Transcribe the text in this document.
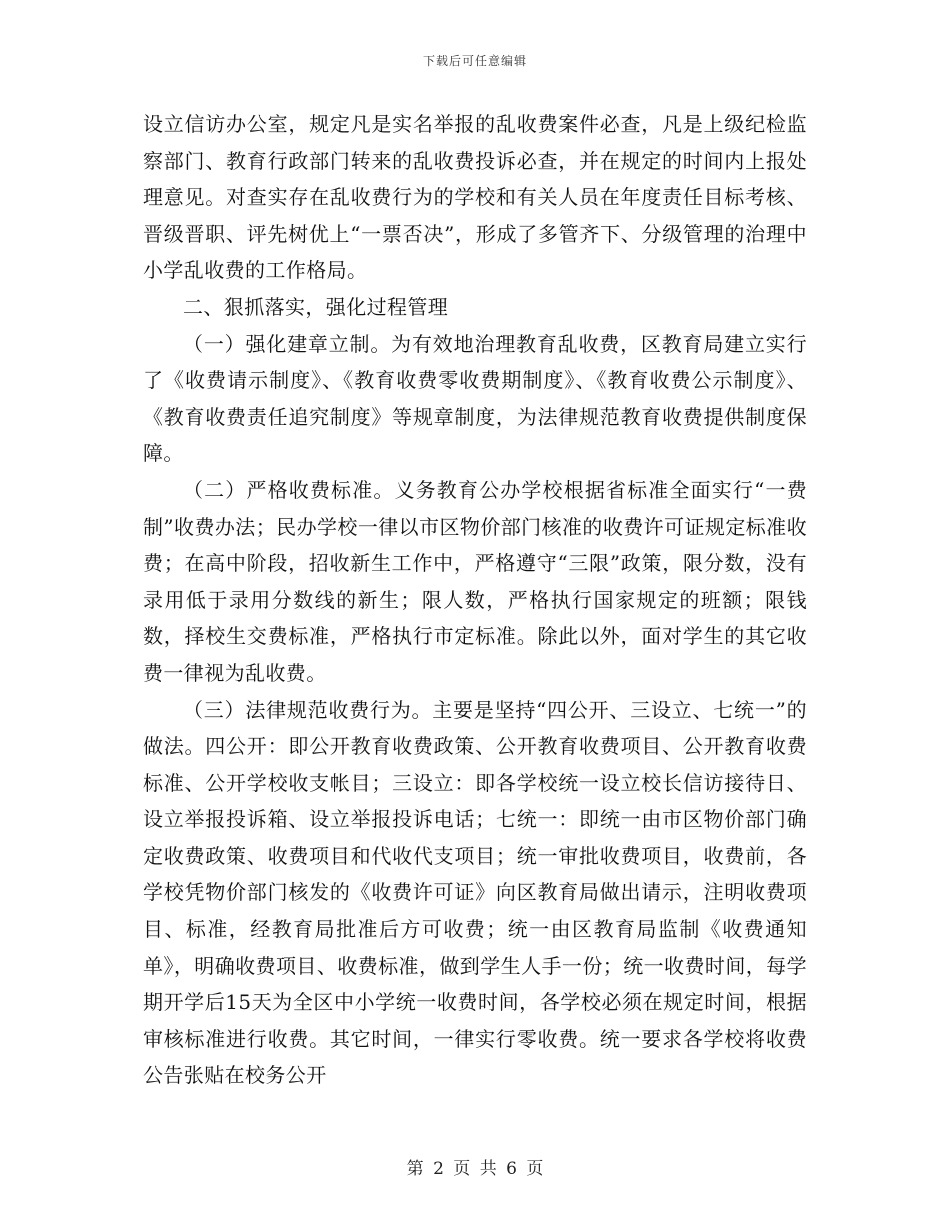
下载后可任意编辑

设立信访办公室，规定凡是实名举报的乱收费案件必查，凡是上级纪检监察部门、教育行政部门转来的乱收费投诉必查，并在规定的时间内上报处理意见。对查实存在乱收费行为的学校和有关人员在年度责任目标考核、晋级晋职、评先树优上“一票否决”，形成了多管齐下、分级管理的治理中小学乱收费的工作格局。

二、狠抓落实，强化过程管理

（一）强化建章立制。为有效地治理教育乱收费，区教育局建立实行了《收费请示制度》、《教育收费零收费期制度》、《教育收费公示制度》、《教育收费责任追究制度》等规章制度，为法律规范教育收费提供制度保障。

（二）严格收费标准。义务教育公办学校根据省标准全面实行“一费制”收费办法；民办学校一律以市区物价部门核准的收费许可证规定标准收费；在高中阶段，招收新生工作中，严格遵守“三限”政策，限分数，没有录用低于录用分数线的新生；限人数，严格执行国家规定的班额；限钱数，择校生交费标准，严格执行市定标准。除此以外，面对学生的其它收费一律视为乱收费。

（三）法律规范收费行为。主要是坚持“四公开、三设立、七统一”的做法。四公开：即公开教育收费政策、公开教育收费项目、公开教育收费标准、公开学校收支帐目；三设立：即各学校统一设立校长信访接待日、设立举报投诉箱、设立举报投诉电话；七统一：即统一由市区物价部门确定收费政策、收费项目和代收代支项目；统一审批收费项目，收费前，各学校凭物价部门核发的《收费许可证》向区教育局做出请示，注明收费项目、标准，经教育局批准后方可收费；统一由区教育局监制《收费通知单》，明确收费项目、收费标准，做到学生人手一份；统一收费时间，每学期开学后15天为全区中小学统一收费时间，各学校必须在规定时间，根据审核标准进行收费。其它时间，一律实行零收费。统一要求各学校将收费公告张贴在校务公开

第 2 页 共 6 页
